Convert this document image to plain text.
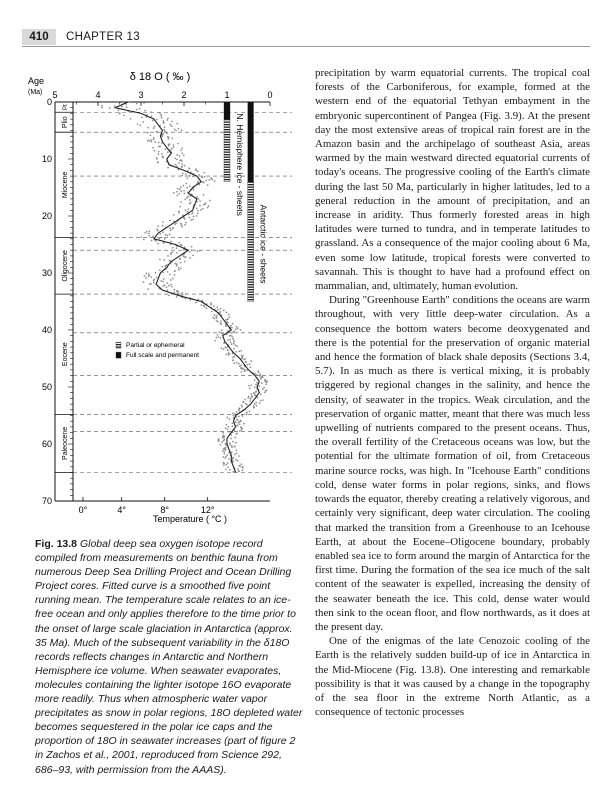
410	CHAPTER 13
δ 18 O ( ‰ )
Age
(Ma)
Pt
Plio
Miocene
Oligocene
Eocene
Paleocene
0
10
20
30
40
50
60
70
5	4	3	2	1	0
N. Hemisphere ice - sheets
Antarctic ice - sheets
Partial or ephemeral
Full scale and permanent
0°	4°	8°	12°
Temperature ( °C )

Fig. 13.8 Global deep sea oxygen isotope record compiled from measurements on benthic fauna from numerous Deep Sea Drilling Project and Ocean Drilling Project cores. Fitted curve is a smoothed five point running mean. The temperature scale relates to an ice-free ocean and only applies therefore to the time prior to the onset of large scale glaciation in Antarctica (approx. 35 Ma). Much of the subsequent variability in the δ18O records reflects changes in Antarctic and Northern Hemisphere ice volume. When seawater evaporates, molecules containing the lighter isotope 16O evaporate more readily. Thus when atmospheric water vapor precipitates as snow in polar regions, 18O depleted water becomes sequestered in the polar ice caps and the proportion of 18O in seawater increases (part of figure 2 in Zachos et al., 2001, reproduced from Science 292, 686–93, with permission from the AAAS).

precipitation by warm equatorial currents. The tropical coal forests of the Carboniferous, for example, formed at the western end of the equatorial Tethyan embayment in the embryonic supercontinent of Pangea (Fig. 3.9). At the present day the most extensive areas of tropical rain forest are in the Amazon basin and the archipelago of southeast Asia, areas warmed by the main westward directed equatorial currents of today's oceans. The progressive cooling of the Earth's climate during the last 50 Ma, particularly in higher latitudes, led to a general reduction in the amount of precipitation, and an increase in aridity. Thus formerly forested areas in high latitudes were turned to tundra, and in temperate latitudes to grassland. As a consequence of the major cooling about 6 Ma, even some low latitude, tropical forests were converted to savannah. This is thought to have had a profound effect on mammalian, and, ultimately, human evolution.

During "Greenhouse Earth" conditions the oceans are warm throughout, with very little deep-water circulation. As a consequence the bottom waters become deoxygenated and there is the potential for the preservation of organic material and hence the formation of black shale deposits (Sections 3.4, 5.7). In as much as there is vertical mixing, it is probably triggered by regional changes in the salinity, and hence the density, of seawater in the tropics. Weak circulation, and the preservation of organic matter, meant that there was much less upwelling of nutrients compared to the present oceans. Thus, the overall fertility of the Cretaceous oceans was low, but the potential for the ultimate formation of oil, from Cretaceous marine source rocks, was high. In "Icehouse Earth" conditions cold, dense water forms in polar regions, sinks, and flows towards the equator, thereby creating a relatively vigorous, and certainly very significant, deep water circulation. The cooling that marked the transition from a Greenhouse to an Icehouse Earth, at about the Eocene–Oligocene boundary, probably enabled sea ice to form around the margin of Antarctica for the first time. During the formation of the sea ice much of the salt content of the seawater is expelled, increasing the density of the seawater beneath the ice. This cold, dense water would then sink to the ocean floor, and flow northwards, as it does at the present day.

One of the enigmas of the late Cenozoic cooling of the Earth is the relatively sudden build-up of ice in Antarctica in the Mid-Miocene (Fig. 13.8). One interesting and remarkable possibility is that it was caused by a change in the topography of the sea floor in the extreme North Atlantic, as a consequence of tectonic processes
